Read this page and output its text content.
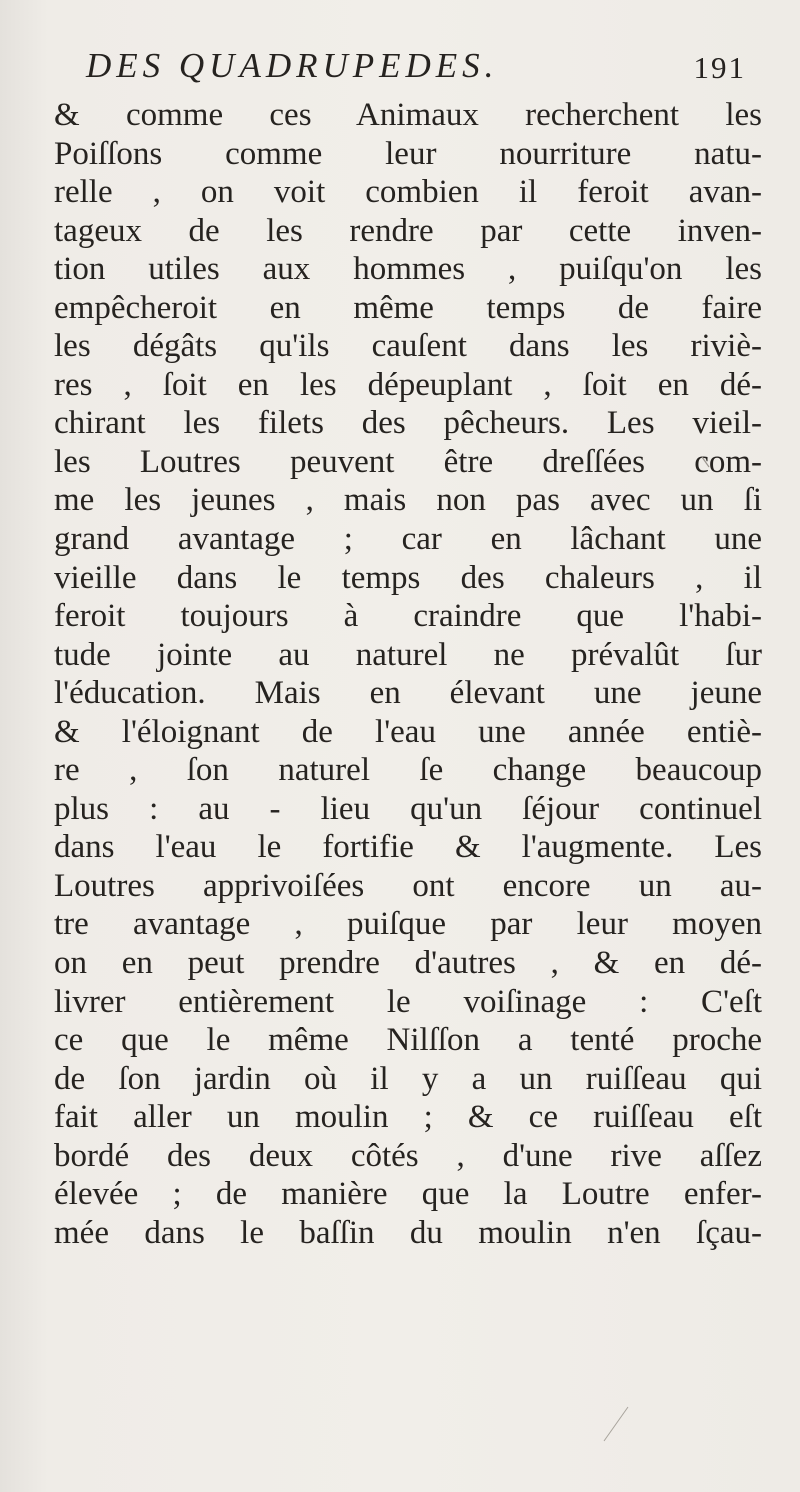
DES QUADRUPEDES.	191
& comme ces Animaux recherchent les
Poiſſons comme leur nourriture natu-
relle , on voit combien il feroit avan-
tageux de les rendre par cette inven-
tion utiles aux hommes , puiſqu'on les
empêcheroit en même temps de faire
les dégâts qu'ils cauſent dans les riviè-
res , ſoit en les dépeuplant , ſoit en dé-
chirant les filets des pêcheurs. Les vieil-
les Loutres peuvent être dreſſées com-
me les jeunes , mais non pas avec un ſi
grand avantage ; car en lâchant une
vieille dans le temps des chaleurs , il
feroit toujours à craindre que l'habi-
tude jointe au naturel ne prévalût ſur
l'éducation. Mais en élevant une jeune
& l'éloignant de l'eau une année entiè-
re , ſon naturel ſe change beaucoup
plus : au - lieu qu'un ſéjour continuel
dans l'eau le fortifie & l'augmente. Les
Loutres apprivoiſées ont encore un au-
tre avantage , puiſque par leur moyen
on en peut prendre d'autres , & en dé-
livrer entièrement le voiſinage : C'eſt
ce que le même Nilſſon a tenté proche
de ſon jardin où il y a un ruiſſeau qui
fait aller un moulin ; & ce ruiſſeau eſt
bordé des deux côtés , d'une rive aſſez
élevée ; de manière que la Loutre enfer-
mée dans le baſſin du moulin n'en ſçau-
